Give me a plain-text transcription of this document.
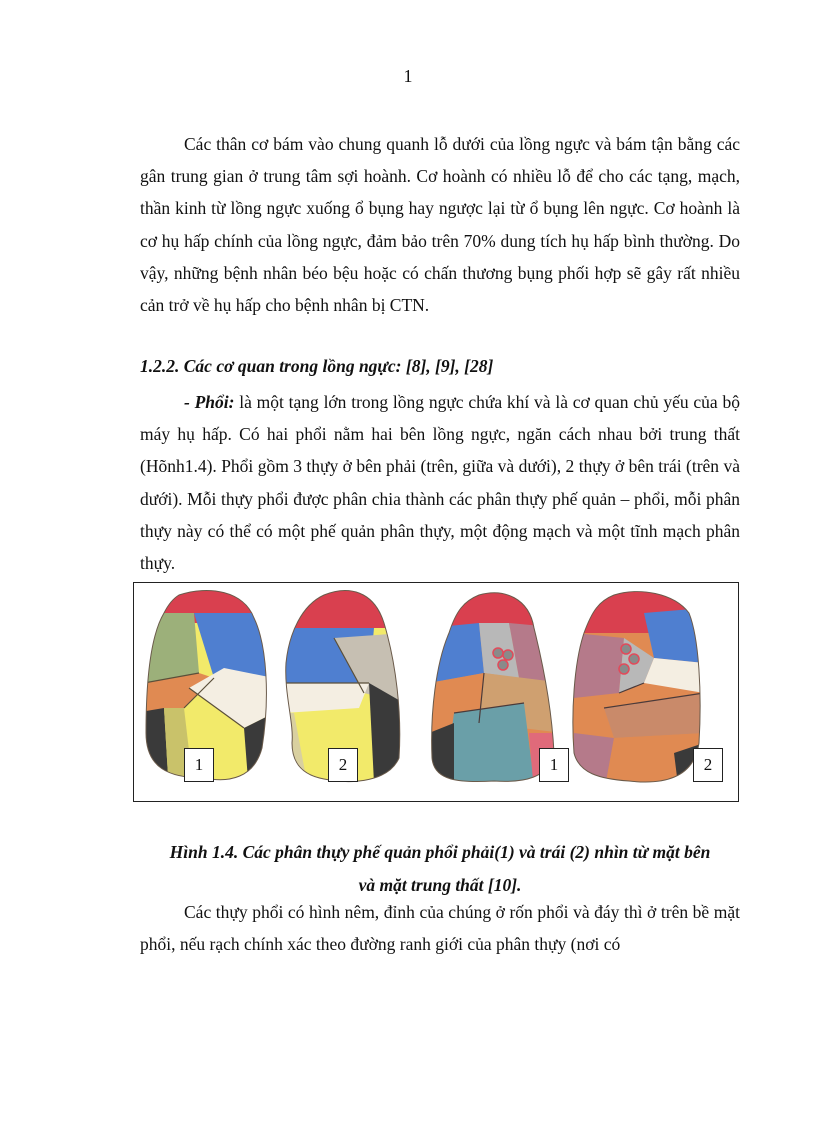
1

Các thân cơ bám vào chung quanh lỗ dưới của lồng ngực và bám tận bằng các gân trung gian ở trung tâm sợi hoành. Cơ hoành có nhiều lỗ để cho các tạng, mạch, thần kinh từ lồng ngực xuống ổ bụng hay ngược lại từ ổ bụng lên ngực. Cơ hoành là cơ hụ hấp chính của lồng ngực, đảm bảo trên 70% dung tích hụ hấp bình thường. Do vậy, những bệnh nhân béo bệu hoặc có chấn thương bụng phối hợp sẽ gây rất nhiều cản trở về hụ hấp cho bệnh nhân bị CTN.

1.2.2. Các cơ quan trong lồng ngực: [8], [9], [28]

- Phổi: là một tạng lớn trong lồng ngực chứa khí và là cơ quan chủ yếu của bộ máy hụ hấp. Có hai phổi nằm hai bên lồng ngực, ngăn cách nhau bởi trung thất (Hõnh1.4). Phổi gồm 3 thựy ở bên phải (trên, giữa và dưới), 2 thựy ở bên trái (trên và dưới). Mỗi thựy phổi được phân chia thành các phân thựy phế quản – phổi, mỗi phân thựy này có thể có một phế quản phân thựy, một động mạch và một tĩnh mạch phân thựy.

1	2	1	2
Hình 1.4. Các phân thựy phế quản phổi phải(1) và trái (2) nhìn từ mặt bên
và mặt trung thất [10].

Các thựy phổi có hình nêm, đỉnh của chúng ở rốn phổi và đáy thì ở trên bề mặt phổi, nếu rạch chính xác theo đường ranh giới của phân thựy (nơi có
